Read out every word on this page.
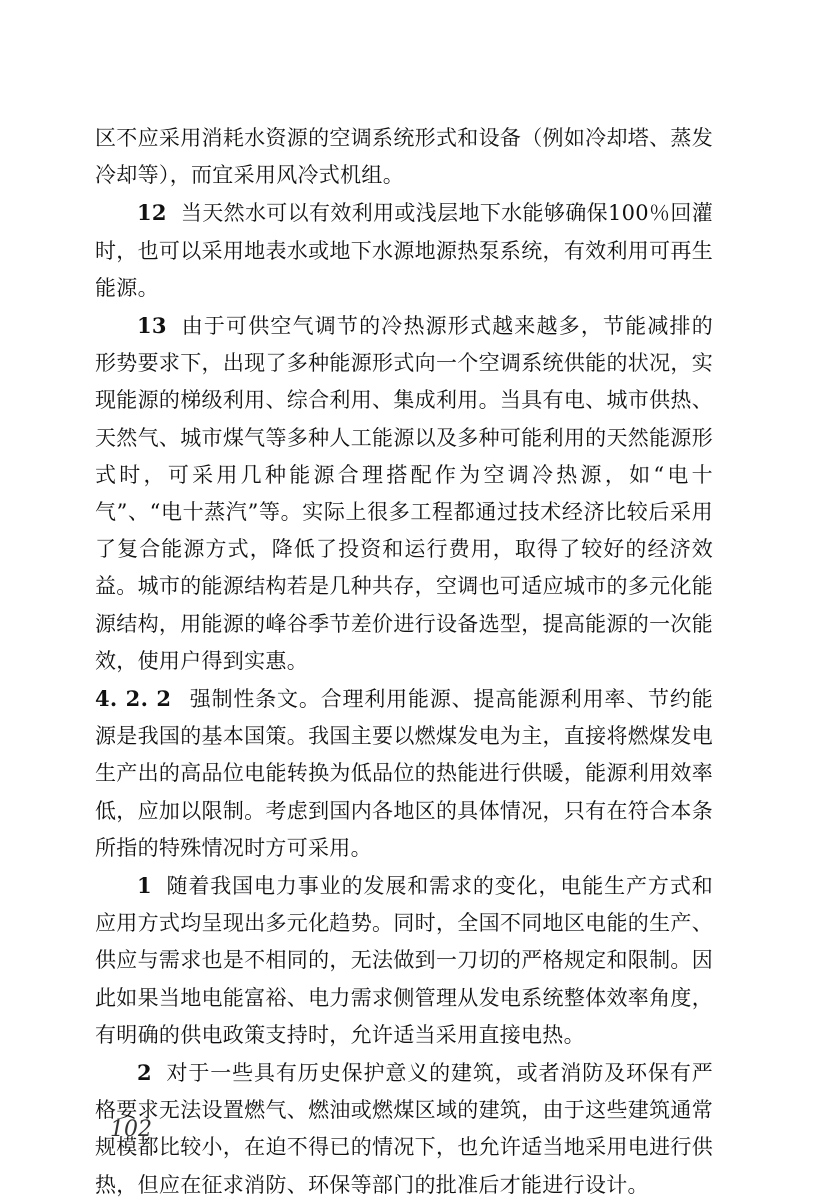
区不应采用消耗水资源的空调系统形式和设备（例如冷却塔、蒸发冷却等），而宜采用风冷式机组。

12 当天然水可以有效利用或浅层地下水能够确保100％回灌时，也可以采用地表水或地下水源地源热泵系统，有效利用可再生能源。

13 由于可供空气调节的冷热源形式越来越多，节能减排的形势要求下，出现了多种能源形式向一个空调系统供能的状况，实现能源的梯级利用、综合利用、集成利用。当具有电、城市供热、天然气、城市煤气等多种人工能源以及多种可能利用的天然能源形式时，可采用几种能源合理搭配作为空调冷热源，如“电十气”、“电十蒸汽”等。实际上很多工程都通过技术经济比较后采用了复合能源方式，降低了投资和运行费用，取得了较好的经济效益。城市的能源结构若是几种共存，空调也可适应城市的多元化能源结构，用能源的峰谷季节差价进行设备选型，提高能源的一次能效，使用户得到实惠。

4. 2. 2 强制性条文。合理利用能源、提高能源利用率、节约能源是我国的基本国策。我国主要以燃煤发电为主，直接将燃煤发电生产出的高品位电能转换为低品位的热能进行供暖，能源利用效率低，应加以限制。考虑到国内各地区的具体情况，只有在符合本条所指的特殊情况时方可采用。

1 随着我国电力事业的发展和需求的变化，电能生产方式和应用方式均呈现出多元化趋势。同时，全国不同地区电能的生产、供应与需求也是不相同的，无法做到一刀切的严格规定和限制。因此如果当地电能富裕、电力需求侧管理从发电系统整体效率角度，有明确的供电政策支持时，允许适当采用直接电热。

2 对于一些具有历史保护意义的建筑，或者消防及环保有严格要求无法设置燃气、燃油或燃煤区域的建筑，由于这些建筑通常规模都比较小，在迫不得已的情况下，也允许适当地采用电进行供热，但应在征求消防、环保等部门的批准后才能进行设计。

102
